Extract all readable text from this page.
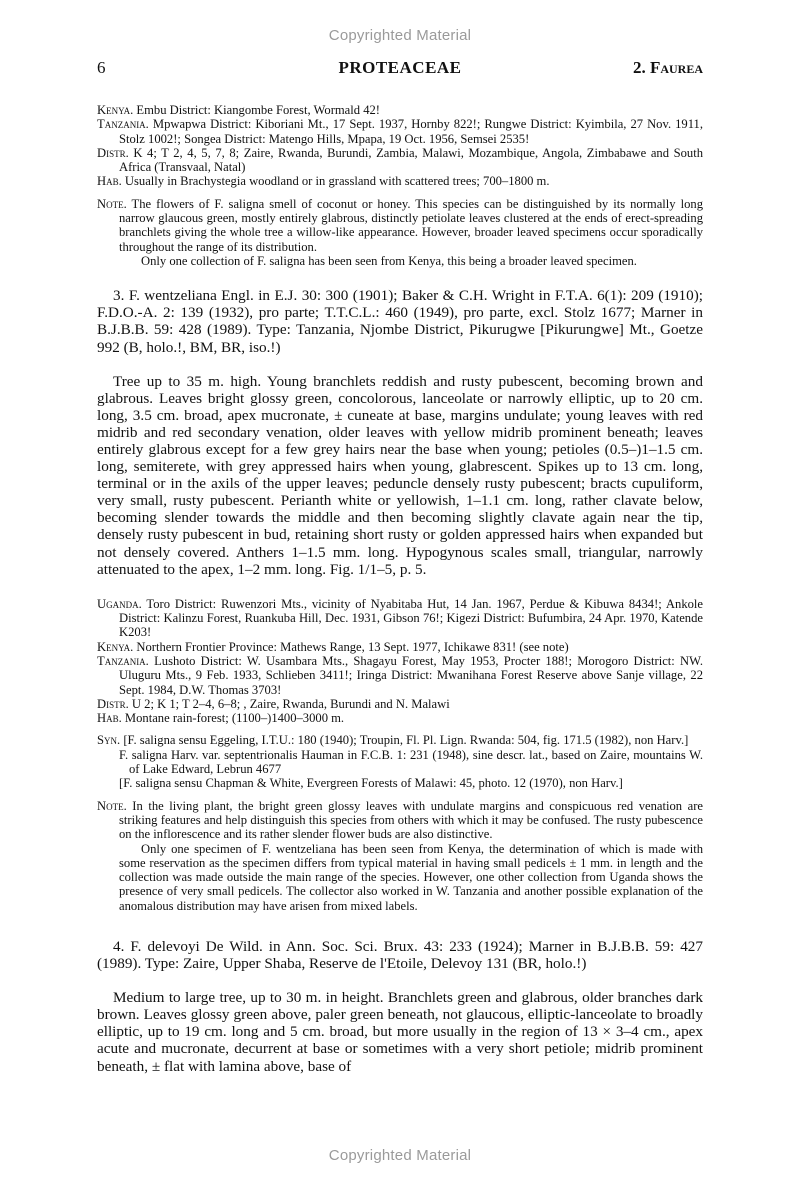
Copyrighted Material
6	PROTEACEAE	2. Faurea

Kenya. Embu District: Kiangombe Forest, Wormald 42!

Tanzania. Mpwapwa District: Kiboriani Mt., 17 Sept. 1937, Hornby 822!; Rungwe District: Kyimbila, 27 Nov. 1911, Stolz 1002!; Songea District: Matengo Hills, Mpapa, 19 Oct. 1956, Semsei 2535!

Distr. K 4; T 2, 4, 5, 7, 8; Zaire, Rwanda, Burundi, Zambia, Malawi, Mozambique, Angola, Zimbabawe and South Africa (Transvaal, Natal)

Hab. Usually in Brachystegia woodland or in grassland with scattered trees; 700–1800 m.

Note. The flowers of F. saligna smell of coconut or honey. This species can be distinguished by its normally long narrow glaucous green, mostly entirely glabrous, distinctly petiolate leaves clustered at the ends of erect-spreading branchlets giving the whole tree a willow-like appearance. However, broader leaved specimens occur sporadically throughout the range of its distribution.

Only one collection of F. saligna has been seen from Kenya, this being a broader leaved specimen.

3. F. wentzeliana Engl. in E.J. 30: 300 (1901); Baker & C.H. Wright in F.T.A. 6(1): 209 (1910); F.D.O.-A. 2: 139 (1932), pro parte; T.T.C.L.: 460 (1949), pro parte, excl. Stolz 1677; Marner in B.J.B.B. 59: 428 (1989). Type: Tanzania, Njombe District, Pikurugwe [Pikurungwe] Mt., Goetze 992 (B, holo.!, BM, BR, iso.!)

Tree up to 35 m. high. Young branchlets reddish and rusty pubescent, becoming brown and glabrous. Leaves bright glossy green, concolorous, lanceolate or narrowly elliptic, up to 20 cm. long, 3.5 cm. broad, apex mucronate, ± cuneate at base, margins undulate; young leaves with red midrib and red secondary venation, older leaves with yellow midrib prominent beneath; leaves entirely glabrous except for a few grey hairs near the base when young; petioles (0.5–)1–1.5 cm. long, semiterete, with grey appressed hairs when young, glabrescent. Spikes up to 13 cm. long, terminal or in the axils of the upper leaves; peduncle densely rusty pubescent; bracts cupuliform, very small, rusty pubescent. Perianth white or yellowish, 1–1.1 cm. long, rather clavate below, becoming slender towards the middle and then becoming slightly clavate again near the tip, densely rusty pubescent in bud, retaining short rusty or golden appressed hairs when expanded but not densely covered. Anthers 1–1.5 mm. long. Hypogynous scales small, triangular, narrowly attenuated to the apex, 1–2 mm. long. Fig. 1/1–5, p. 5.

Uganda. Toro District: Ruwenzori Mts., vicinity of Nyabitaba Hut, 14 Jan. 1967, Perdue & Kibuwa 8434!; Ankole District: Kalinzu Forest, Ruankuba Hill, Dec. 1931, Gibson 76!; Kigezi District: Bufumbira, 24 Apr. 1970, Katende K203!

Kenya. Northern Frontier Province: Mathews Range, 13 Sept. 1977, Ichikawe 831! (see note)

Tanzania. Lushoto District: W. Usambara Mts., Shagayu Forest, May 1953, Procter 188!; Morogoro District: NW. Uluguru Mts., 9 Feb. 1933, Schlieben 3411!; Iringa District: Mwanihana Forest Reserve above Sanje village, 22 Sept. 1984, D.W. Thomas 3703!

Distr. U 2; K 1; T 2–4, 6–8; , Zaire, Rwanda, Burundi and N. Malawi

Hab. Montane rain-forest; (1100–)1400–3000 m.

Syn. [F. saligna sensu Eggeling, I.T.U.: 180 (1940); Troupin, Fl. Pl. Lign. Rwanda: 504, fig. 171.5 (1982), non Harv.]

F. saligna Harv. var. septentrionalis Hauman in F.C.B. 1: 231 (1948), sine descr. lat., based on Zaire, mountains W. of Lake Edward, Lebrun 4677

[F. saligna sensu Chapman & White, Evergreen Forests of Malawi: 45, photo. 12 (1970), non Harv.]

Note. In the living plant, the bright green glossy leaves with undulate margins and conspicuous red venation are striking features and help distinguish this species from others with which it may be confused. The rusty pubescence on the inflorescence and its rather slender flower buds are also distinctive.

Only one specimen of F. wentzeliana has been seen from Kenya, the determination of which is made with some reservation as the specimen differs from typical material in having small pedicels ± 1 mm. in length and the collection was made outside the main range of the species. However, one other collection from Uganda shows the presence of very small pedicels. The collector also worked in W. Tanzania and another possible explanation of the anomalous distribution may have arisen from mixed labels.

4. F. delevoyi De Wild. in Ann. Soc. Sci. Brux. 43: 233 (1924); Marner in B.J.B.B. 59: 427 (1989). Type: Zaire, Upper Shaba, Reserve de l'Etoile, Delevoy 131 (BR, holo.!)

Medium to large tree, up to 30 m. in height. Branchlets green and glabrous, older branches dark brown. Leaves glossy green above, paler green beneath, not glaucous, elliptic-lanceolate to broadly elliptic, up to 19 cm. long and 5 cm. broad, but more usually in the region of 13 × 3–4 cm., apex acute and mucronate, decurrent at base or sometimes with a very short petiole; midrib prominent beneath, ± flat with lamina above, base of

Copyrighted Material
